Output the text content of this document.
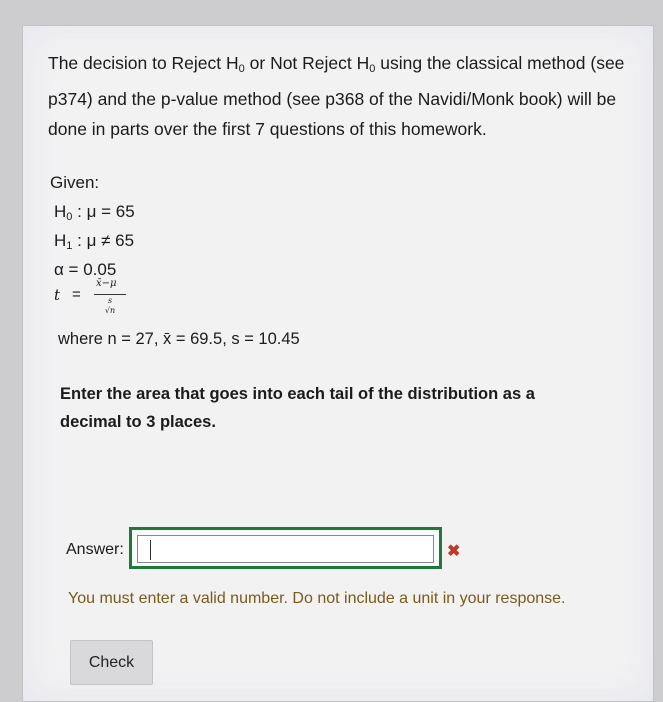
The decision to Reject $H_0$ or Not Reject $H_0$ using the classical method (see p374) and the p-value method (see p368 of the Navidi/Monk book) will be done in parts over the first 7 questions of this homework.

Given:
$H_0$ : μ = 65
$H_1$ : μ ≠ 65
α = 0.05
t =
x̄−μ
s
√n
where n = 27, x̄ = 69.5, s = 10.45
Enter the area that goes into each tail of the distribution as a decimal to 3 places.
Answer:	✖
You must enter a valid number. Do not include a unit in your response.
Check
